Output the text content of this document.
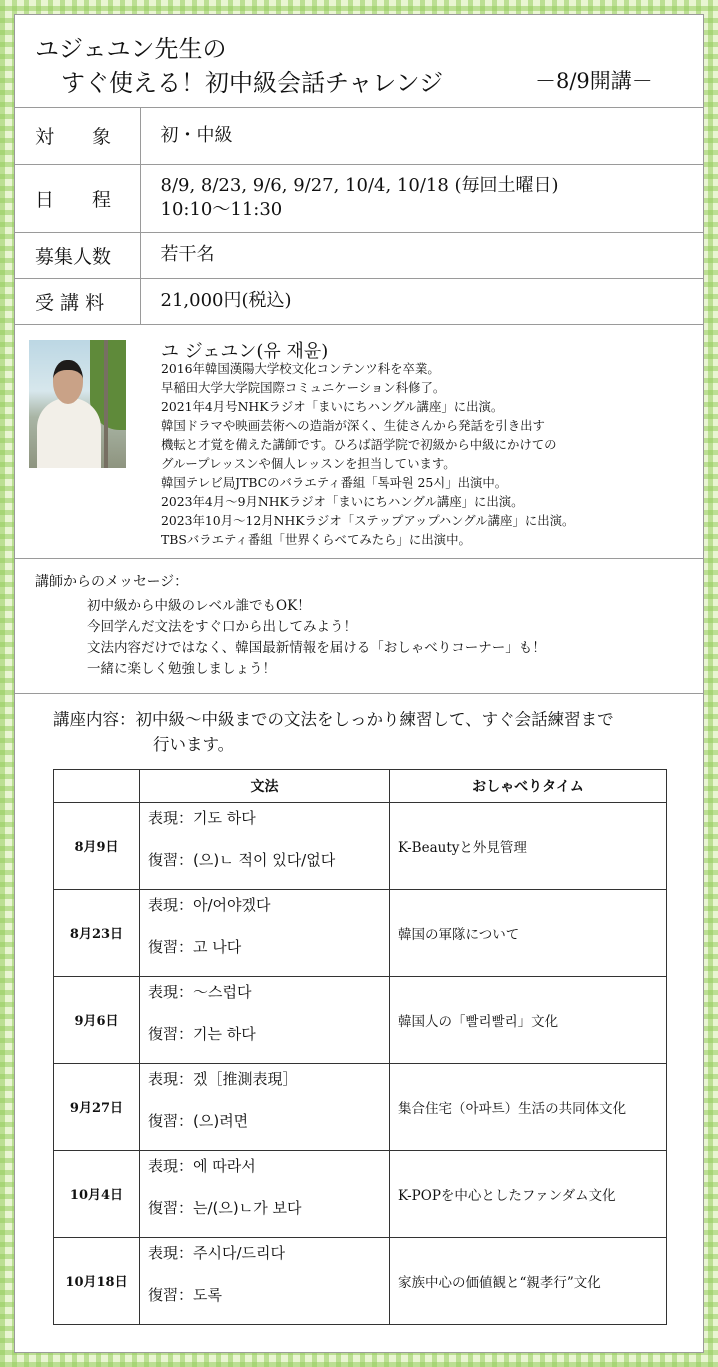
ユジェユン先生の
すぐ使える！初中級会話チャレンジ	－8/9開講－
対　　象	初・中級

日　　程	8/9, 8/23, 9/6, 9/27, 10/4, 10/18 (毎回土曜日)
10:10〜11:30

募集人数	若干名

受 講 料	21,000円(税込)
ユ ジェユン(유 재윤)
2016年韓国漢陽大学校文化コンテンツ科を卒業。
早稲田大学大学院国際コミュニケーション科修了。
2021年4月号NHKラジオ「まいにちハングル講座」に出演。
韓国ドラマや映画芸術への造詣が深く、生徒さんから発話を引き出す
機転と才覚を備えた講師です。ひろば語学院で初級から中級にかけての
グループレッスンや個人レッスンを担当しています。
韓国テレビ局JTBCのバラエティ番組「톡파원 25시」出演中。
2023年4月〜9月NHKラジオ「まいにちハングル講座」に出演。
2023年10月〜12月NHKラジオ「ステップアップハングル講座」に出演。
TBSバラエティ番組「世界くらべてみたら」に出演中。
講師からのメッセージ：
初中級から中級のレベル誰でもOK！
今回学んだ文法をすぐ口から出してみよう！
文法内容だけではなく、韓国最新情報を届ける「おしゃべりコーナー」も！
一緒に楽しく勉強しましょう！
講座内容：初中級〜中級までの文法をしっかり練習して、すぐ会話練習まで
行います。
	文法	おしゃべりタイム
8月9日	表現：기도 하다
復習：(으)ㄴ 적이 있다/없다	K-Beautyと外見管理
8月23日	表現：아/어야겠다
復習：고 나다	韓国の軍隊について
9月6日	表現：〜스럽다
復習：기는 하다	韓国人の「빨리빨리」文化
9月27日	表現：겠［推測表現］
復習：(으)려면	集合住宅（아파트）生活の共同体文化
10月4日	表現：에 따라서
復習：는/(으)ㄴ가 보다	K-POPを中心としたファンダム文化
10月18日	表現：주시다/드리다
復習：도록	家族中心の価値観と“親孝行”文化
